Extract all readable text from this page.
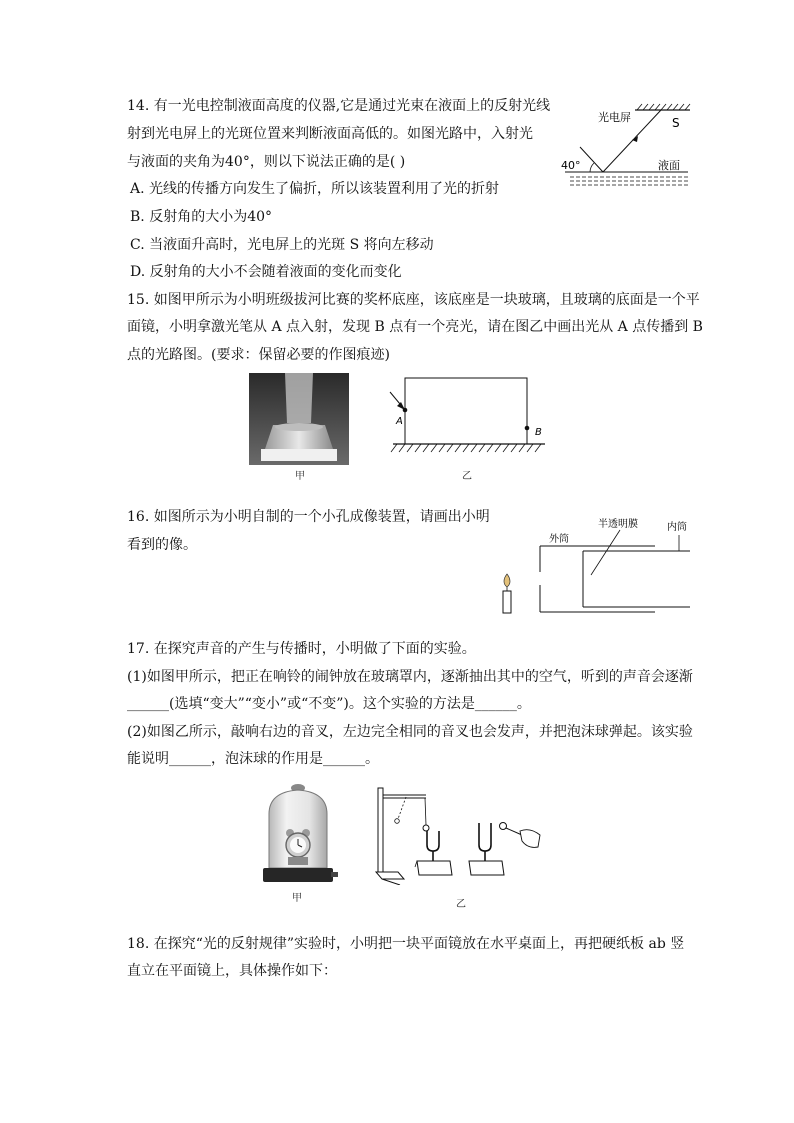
14. 有一光电控制液面高度的仪器,它是通过光束在液面上的反射光线
射到光电屏上的光斑位置来判断液面高低的。如图光路中，入射光
与液面的夹角为40°，则以下说法正确的是( )
A. 光线的传播方向发生了偏折，所以该装置利用了光的折射
B. 反射角的大小为40°
C. 当液面升高时，光电屏上的光斑 S 将向左移动
D. 反射角的大小不会随着液面的变化而变化
光电屏	S
40°	液面
15. 如图甲所示为小明班级拔河比赛的奖杯底座，该底座是一块玻璃，且玻璃的底面是一个平
面镜，小明拿激光笔从 A 点入射，发现 B 点有一个亮光，请在图乙中画出光从 A 点传播到 B
点的光路图。(要求：保留必要的作图痕迹)
甲
A
B
乙
16. 如图所示为小明自制的一个小孔成像装置，请画出小明
看到的像。
半透明膜	内筒
外筒
17. 在探究声音的产生与传播时，小明做了下面的实验。
(1)如图甲所示，把正在响铃的闹钟放在玻璃罩内，逐渐抽出其中的空气，听到的声音会逐渐
______(选填“变大”“变小”或“不变”)。这个实验的方法是______。
(2)如图乙所示，敲响右边的音叉，左边完全相同的音叉也会发声，并把泡沫球弹起。该实验
能说明______，泡沫球的作用是______。
甲
乙
18. 在探究“光的反射规律”实验时，小明把一块平面镜放在水平桌面上，再把硬纸板 ab 竖
直立在平面镜上，具体操作如下：
